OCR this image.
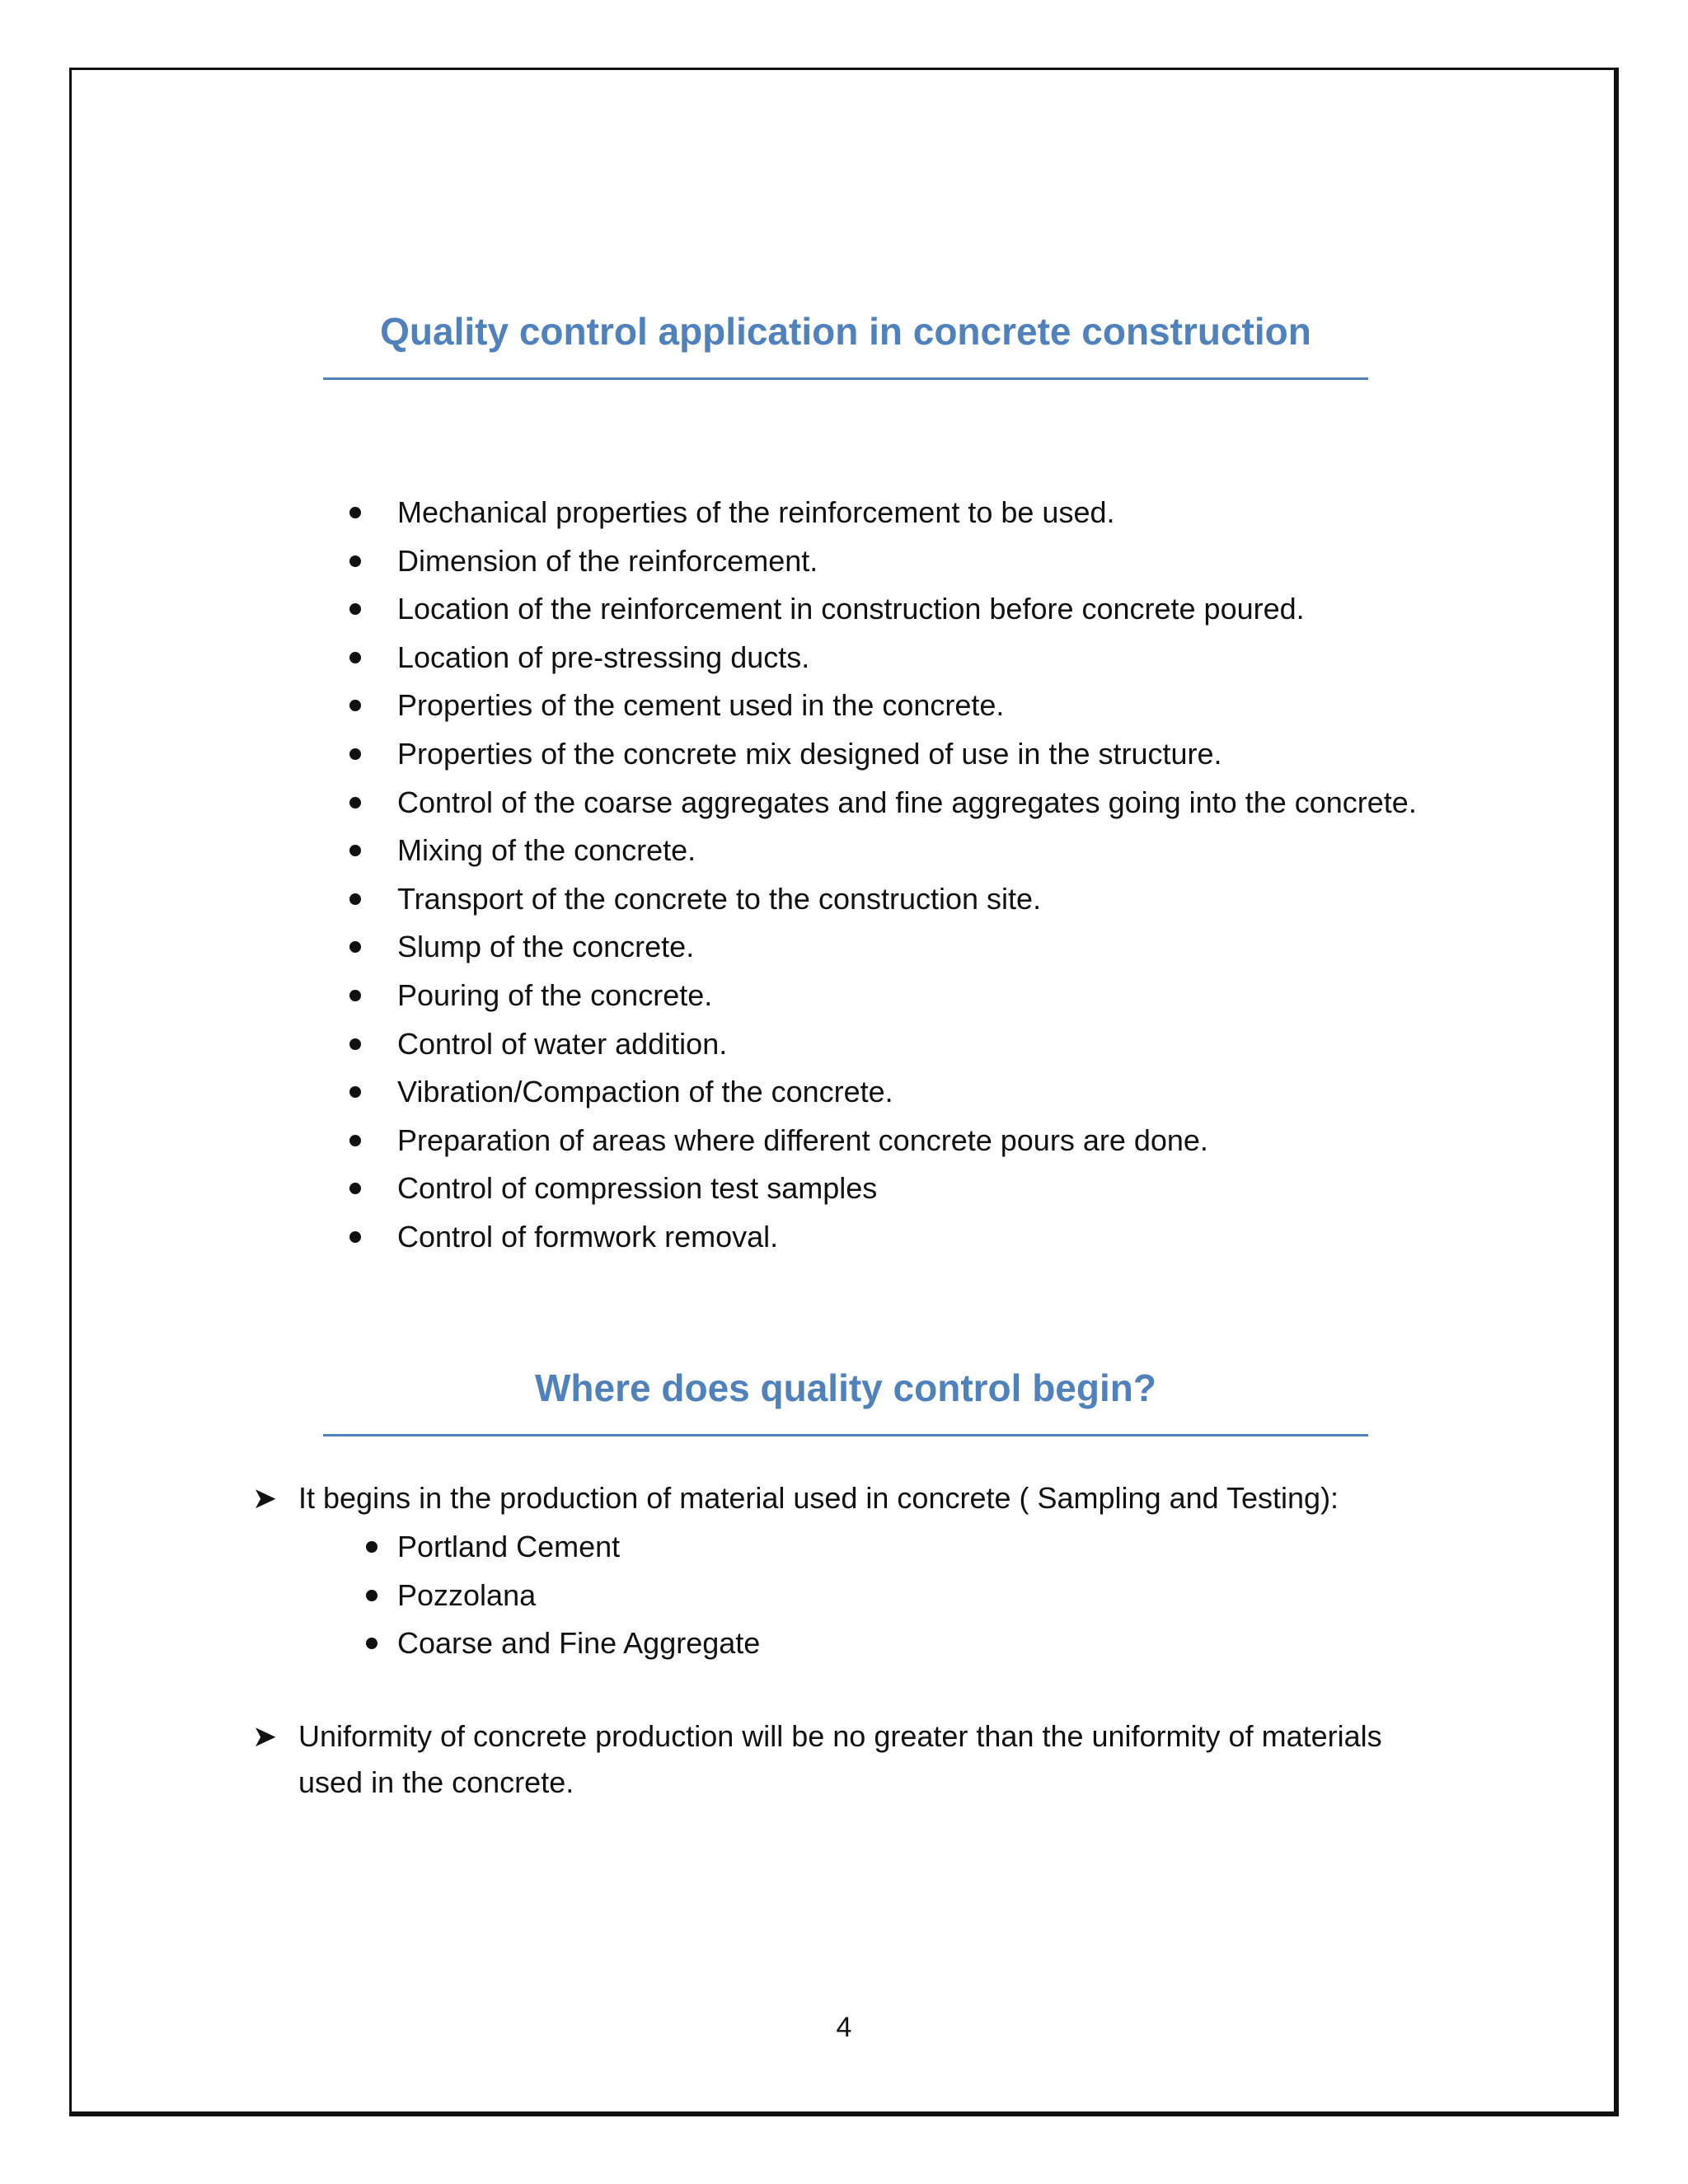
Quality control application in concrete construction
Mechanical properties of the reinforcement to be used.
Dimension of the reinforcement.
Location of the reinforcement in construction before concrete poured.
Location of pre-stressing ducts.
Properties of the cement used in the concrete.
Properties of the concrete mix designed of use in the structure.
Control of the coarse aggregates and fine aggregates going into the concrete.
Mixing of the concrete.
Transport of the concrete to the construction site.
Slump of the concrete.
Pouring of the concrete.
Control of water addition.
Vibration/Compaction of the concrete.
Preparation of areas where different concrete pours are done.
Control of compression test samples
Control of formwork removal.
Where does quality control begin?
➤ It begins in the production of material used in concrete ( Sampling and Testing):
Portland Cement
Pozzolana
Coarse and Fine Aggregate
➤ Uniformity of concrete production will be no greater than the uniformity of materials used in the concrete.
4
